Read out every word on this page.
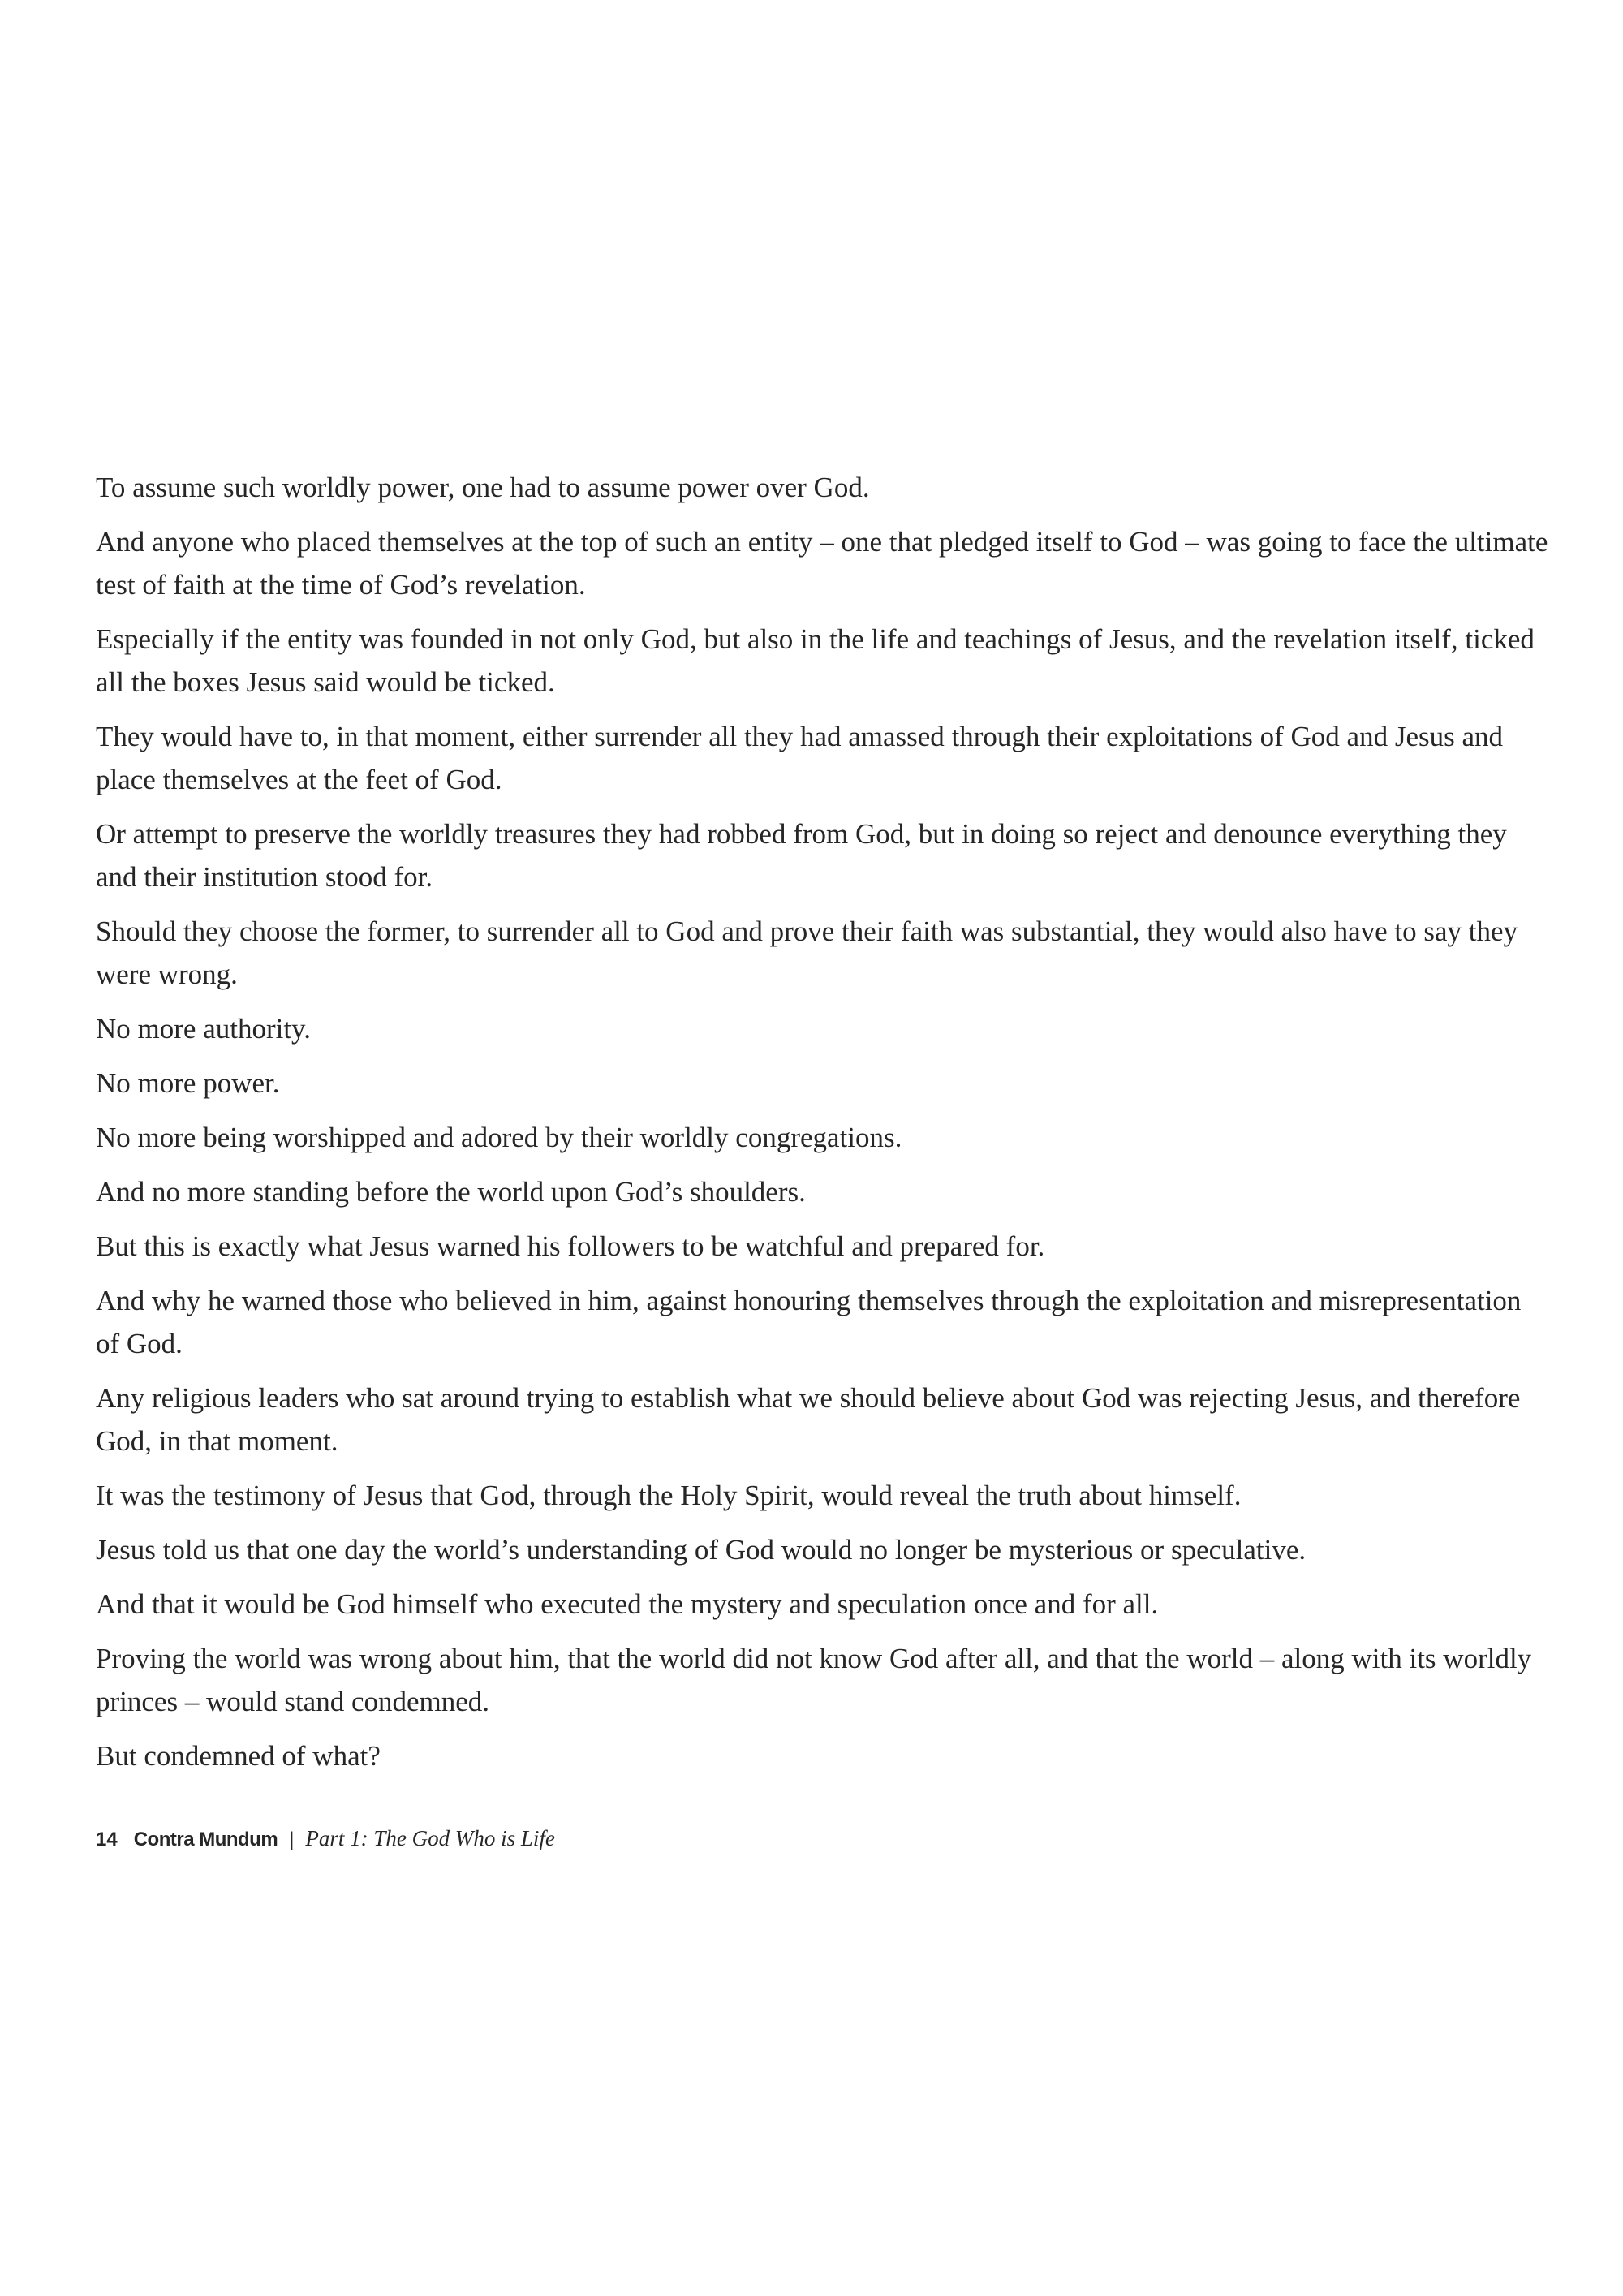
To assume such worldly power, one had to assume power over God.

And anyone who placed themselves at the top of such an entity – one that pledged itself to God – was going to face the ultimate test of faith at the time of God’s revelation.

Especially if the entity was founded in not only God, but also in the life and teachings of Jesus, and the revelation itself, ticked all the boxes Jesus said would be ticked.

They would have to, in that moment, either surrender all they had amassed through their exploitations of God and Jesus and place themselves at the feet of God.

Or attempt to preserve the worldly treasures they had robbed from God, but in doing so reject and denounce everything they and their institution stood for.

Should they choose the former, to surrender all to God and prove their faith was substantial, they would also have to say they were wrong.

No more authority.

No more power.

No more being worshipped and adored by their worldly congregations.

And no more standing before the world upon God’s shoulders.

But this is exactly what Jesus warned his followers to be watchful and prepared for.

And why he warned those who believed in him, against honouring themselves through the exploitation and misrepresentation of God.

Any religious leaders who sat around trying to establish what we should believe about God was rejecting Jesus, and therefore God, in that moment.

It was the testimony of Jesus that God, through the Holy Spirit, would reveal the truth about himself.

Jesus told us that one day the world’s understanding of God would no longer be mysterious or speculative.

And that it would be God himself who executed the mystery and speculation once and for all.

Proving the world was wrong about him, that the world did not know God after all, and that the world – along with its worldly princes – would stand condemned.

But condemned of what?

14 Contra Mundum | Part 1: The God Who is Life
